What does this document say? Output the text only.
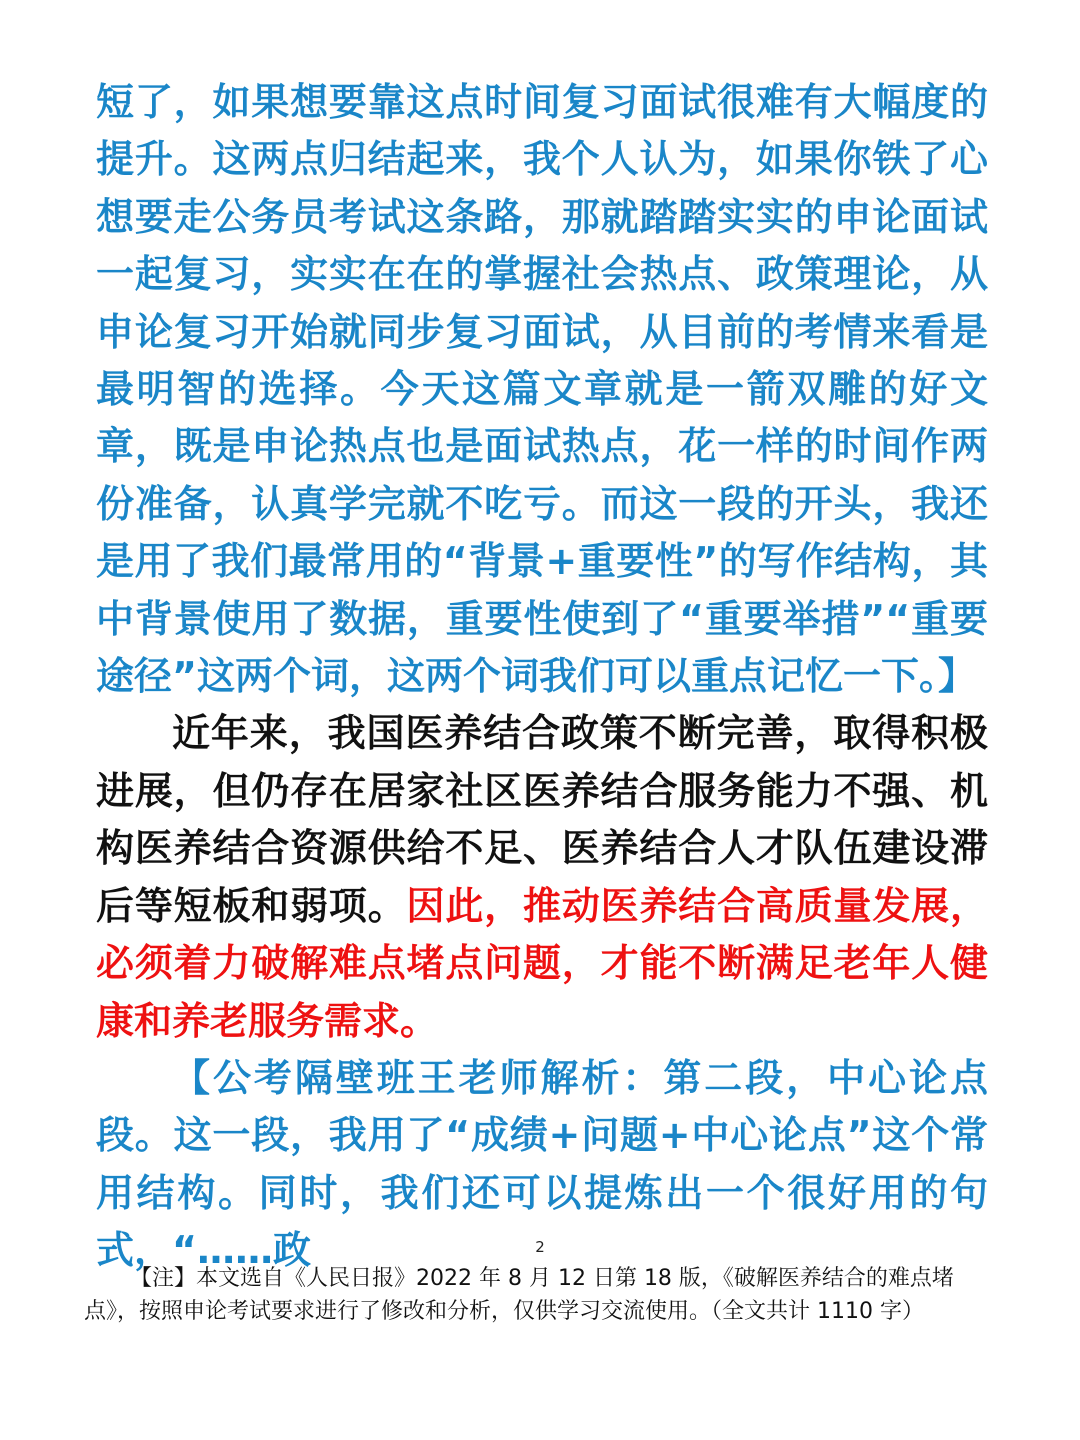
短了，如果想要靠这点时间复习面试很难有大幅度的提升。这两点归结起来，我个人认为，如果你铁了心想要走公务员考试这条路，那就踏踏实实的申论面试一起复习，实实在在的掌握社会热点、政策理论，从申论复习开始就同步复习面试，从目前的考情来看是最明智的选择。今天这篇文章就是一箭双雕的好文章，既是申论热点也是面试热点，花一样的时间作两份准备，认真学完就不吃亏。而这一段的开头，我还是用了我们最常用的“背景+重要性”的写作结构，其中背景使用了数据，重要性使到了“重要举措”“重要途径”这两个词，这两个词我们可以重点记忆一下。】

近年来，我国医养结合政策不断完善，取得积极进展，但仍存在居家社区医养结合服务能力不强、机构医养结合资源供给不足、医养结合人才队伍建设滞后等短板和弱项。因此，推动医养结合高质量发展，必须着力破解难点堵点问题，才能不断满足老年人健康和养老服务需求。

【公考隔壁班王老师解析：第二段，中心论点段。这一段，我用了“成绩+问题+中心论点”这个常用结构。同时，我们还可以提炼出一个很好用的句式，“……政	2
【注】本文选自《人民日报》2022 年 8 月 12 日第 18 版，《破解医养结合的难点堵点》，按照申论考试要求进行了修改和分析，仅供学习交流使用。（全文共计 1110 字）
